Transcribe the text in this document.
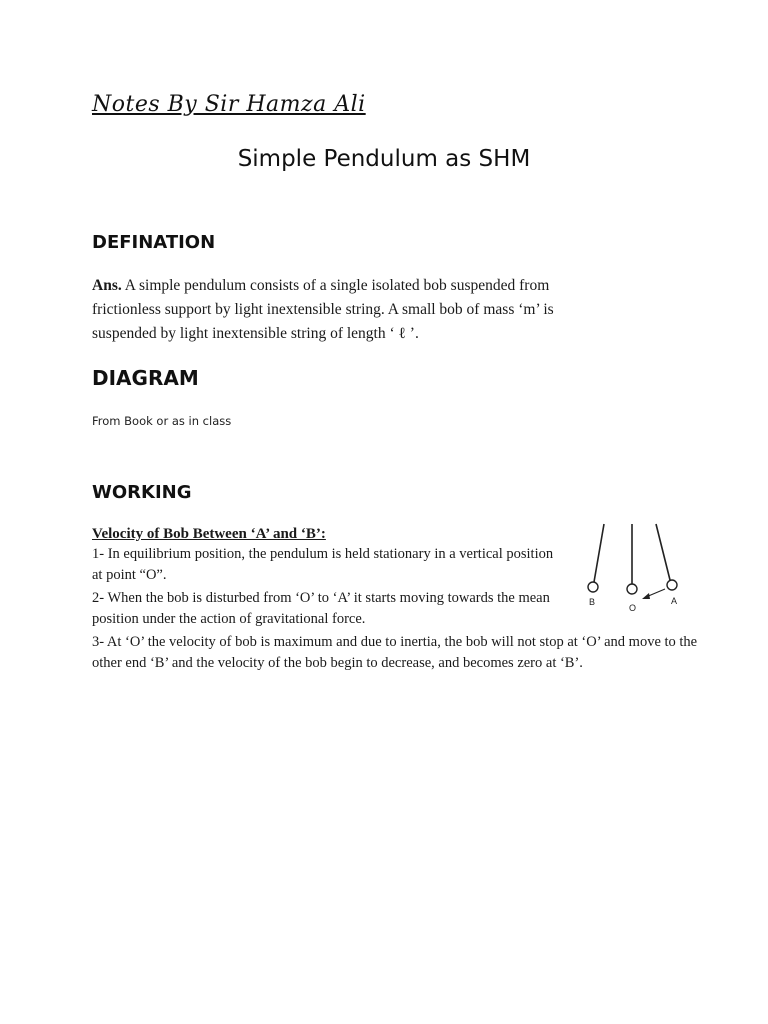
Notes By Sir Hamza Ali
Simple Pendulum as SHM
DEFINATION
Ans. A simple pendulum consists of a single isolated bob suspended from frictionless support by light inextensible string. A small bob of mass ‘m’ is suspended by light inextensible string of length ‘ ℓ ’.
DIAGRAM
From Book or as in class
WORKING
Velocity of Bob Between ‘A’ and ‘B’:
1- In equilibrium position, the pendulum is held stationary in a vertical position at point “O”.
2- When the bob is disturbed from ‘O’ to ‘A’ it starts moving towards the mean position under the action of gravitational force.
3- At ‘O’ the velocity of bob is maximum and due to inertia, the bob will not stop at ‘O’ and move to the other end ‘B’ and the velocity of the bob begin to decrease, and becomes zero at ‘B’.
B
O
A
